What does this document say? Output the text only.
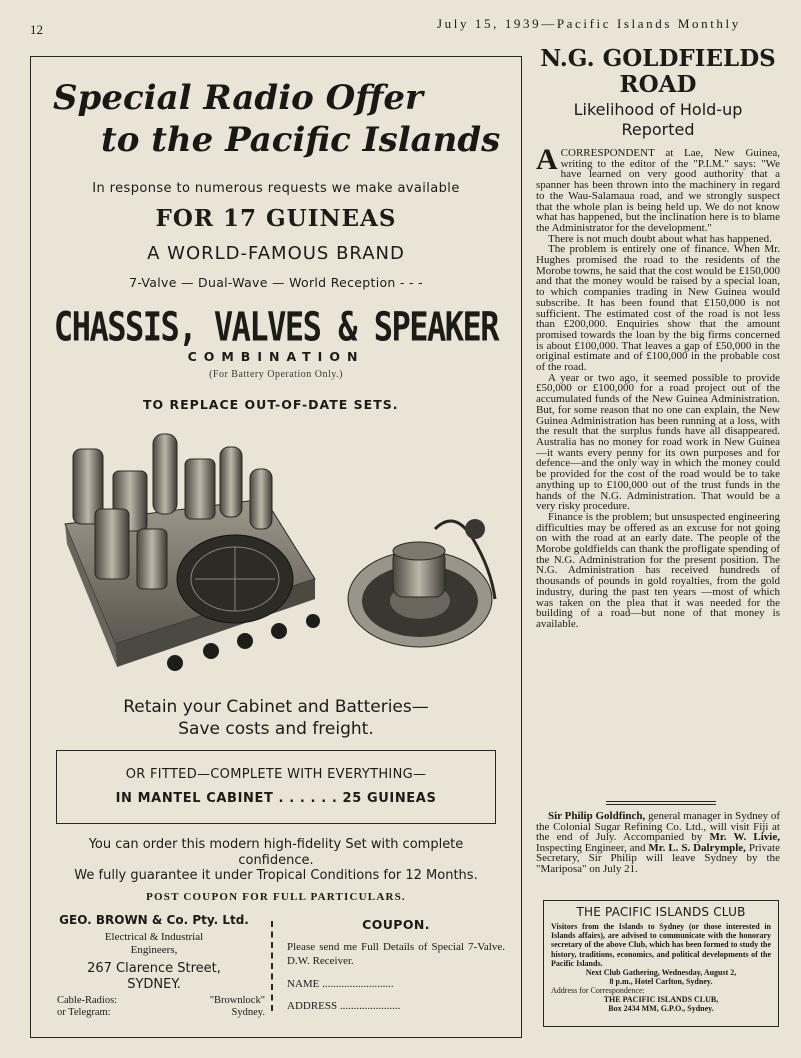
12	July 15, 1939—Pacific Islands Monthly
Special Radio Offer
to the Pacific Islands
In response to numerous requests we make available
FOR 17 GUINEAS
A WORLD-FAMOUS BRAND
7-Valve — Dual-Wave — World Reception - - -
CHASSIS, VALVES & SPEAKER
COMBINATION
(For Battery Operation Only.)
TO REPLACE OUT-OF-DATE SETS.
Retain your Cabinet and Batteries—
Save costs and freight.
OR FITTED—COMPLETE WITH EVERYTHING—
IN MANTEL CABINET . . . . . . 25 GUINEAS
You can order this modern high-fidelity Set with complete
confidence.
We fully guarantee it under Tropical Conditions for 12 Months.
POST COUPON FOR FULL PARTICULARS.
GEO. BROWN & Co. Pty. Ltd.
Electrical & Industrial
Engineers,
267 Clarence Street,
SYDNEY.
Cable-Radios:
or Telegram:
"Brownlock"
Sydney.
COUPON.
Please send me Full Details of Special 7-Valve. D.W. Receiver.
NAME ..........................
ADDRESS ......................
N.G. GOLDFIELDS ROAD
Likelihood of Hold-up Reported

ACORRESPONDENT at Lae, New Guinea, writing to the editor of the "P.I.M." says: "We have learned on very good authority that a spanner has been thrown into the machinery in regard to the Wau-Salamaua road, and we strongly suspect that the whole plan is being held up. We do not know what has happened, but the inclination here is to blame the Administrator for the development."

There is not much doubt about what has happened.

The problem is entirely one of finance. When Mr. Hughes promised the road to the residents of the Morobe towns, he said that the cost would be £150,000 and that the money would be raised by a special loan, to which companies trading in New Guinea would subscribe. It has been found that £150,000 is not sufficient. The estimated cost of the road is not less than £200,000. Enquiries show that the amount promised towards the loan by the big firms concerned is about £100,000. That leaves a gap of £50,000 in the original estimate and of £100,000 in the probable cost of the road.

A year or two ago, it seemed possible to provide £50,000 or £100,000 for a road project out of the accumulated funds of the New Guinea Administration. But, for some reason that no one can explain, the New Guinea Administration has been running at a loss, with the result that the surplus funds have all disappeared. Australia has no money for road work in New Guinea—it wants every penny for its own purposes and for defence—and the only way in which the money could be provided for the cost of the road would be to take anything up to £100,000 out of the trust funds in the hands of the N.G. Administration. That would be a very risky procedure.

Finance is the problem; but unsuspected engineering difficulties may be offered as an excuse for not going on with the road at an early date. The people of the Morobe goldfields can thank the profligate spending of the N.G. Administration for the present position. The N.G. Administration has received hundreds of thousands of pounds in gold royalties, from the gold industry, during the past ten years —most of which was taken on the plea that it was needed for the building of a road—but none of that money is available.

Sir Philip Goldfinch, general manager in Sydney of the Colonial Sugar Refining Co. Ltd., will visit Fiji at the end of July. Accompanied by Mr. W. Livie, Inspecting Engineer, and Mr. L. S. Dalrymple, Private Secretary, Sir Philip will leave Sydney by the "Mariposa" on July 21.

THE PACIFIC ISLANDS CLUB
Visitors from the Islands to Sydney (or those interested in Islands affairs), are advised to communicate with the honorary secretary of the above Club, which has been formed to study the history, traditions, economics, and political developments of the Pacific Islands.
Next Club Gathering, Wednesday, August 2,
8 p.m., Hotel Carlton, Sydney.
Address for Correspondence:
THE PACIFIC ISLANDS CLUB,
Box 2434 MM, G.P.O., Sydney.
